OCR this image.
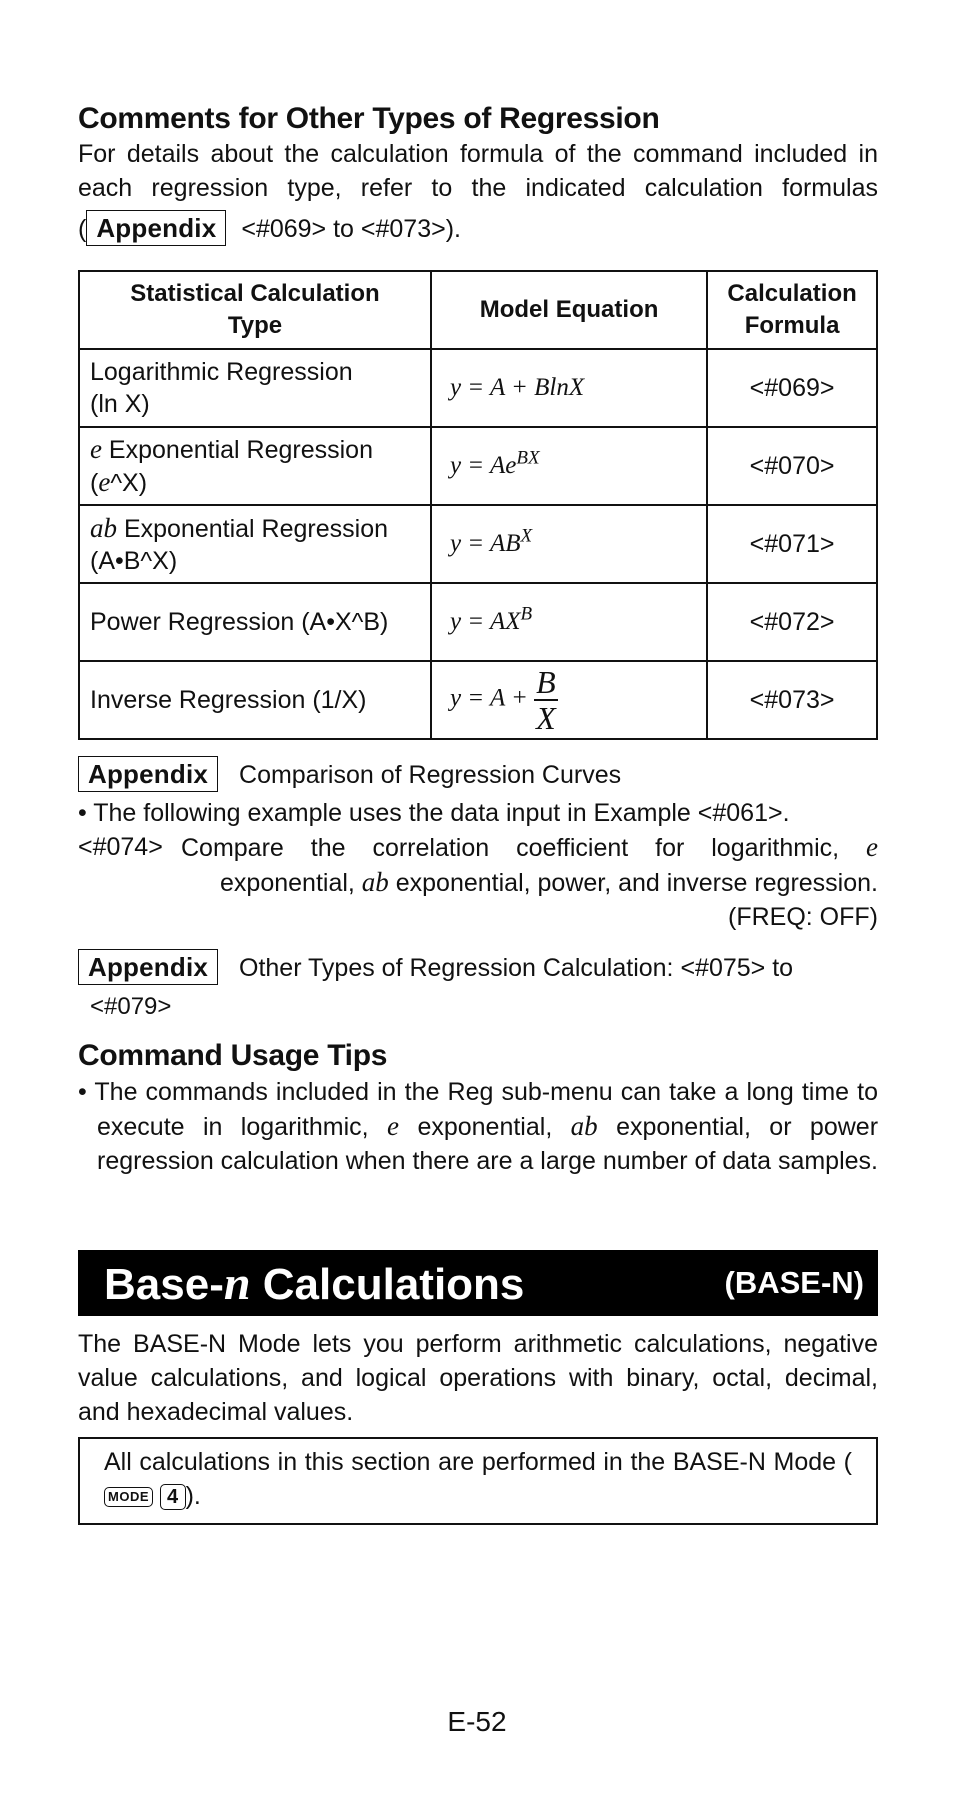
Comments for Other Types of Regression

For details about the calculation formula of the command included in each regression type, refer to the indicated calculation formulas

( Appendix <#069> to <#073>).
Statistical Calculation
Type	Model Equation	Calculation
Formula
Logarithmic Regression
(ln X)	y = A + BlnX	<#069>
e Exponential Regression
(e^X)	$y = Ae^{BX}$	<#070>
ab Exponential Regression
(A•B^X)	$y = AB^X$	<#071>
Power Regression (A•X^B)	$y = AX^B$	<#072>
Inverse Regression (1/X)	$y = A + \frac{B}{X}$	<#073>
Appendix Comparison of Regression Curves

• The following example uses the data input in Example <#061>.

<#074> Compare the correlation coefficient for logarithmic, e
exponential, ab exponential, power, and inverse regression.
(FREQ: OFF)
Appendix Other Types of Regression Calculation: <#075> to
<#079>
Command Usage Tips

• The commands included in the Reg sub-menu can take a long time to execute in logarithmic, e exponential, ab exponential, or power regression calculation when there are a large number of data samples.

Base-n Calculations	(BASE-N)

The BASE-N Mode lets you perform arithmetic calculations, negative value calculations, and logical operations with binary, octal, decimal, and hexadecimal values.

All calculations in this section are performed in the BASE-N Mode (MODE 4 ).
E-52
